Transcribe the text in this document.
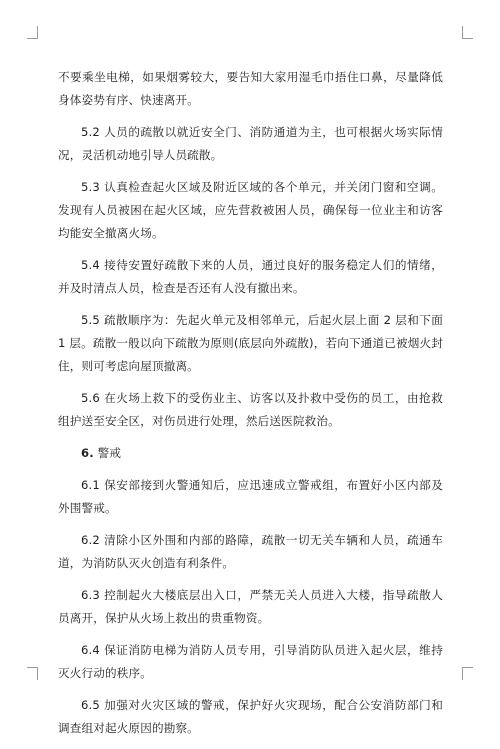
不要乘坐电梯，如果烟雾较大，要告知大家用湿毛巾捂住口鼻，尽量降低身体姿势有序、快速离开。

5.2 人员的疏散以就近安全门、消防通道为主，也可根据火场实际情况，灵活机动地引导人员疏散。

5.3 认真检查起火区域及附近区域的各个单元，并关闭门窗和空调。发现有人员被困在起火区域，应先营救被困人员，确保每一位业主和访客均能安全撤离火场。

5.4 接待安置好疏散下来的人员，通过良好的服务稳定人们的情绪，并及时清点人员，检查是否还有人没有撤出来。

5.5 疏散顺序为：先起火单元及相邻单元，后起火层上面 2 层和下面 1 层。疏散一般以向下疏散为原则(底层向外疏散)，若向下通道已被烟火封住，则可考虑向屋顶撤离。

5.6 在火场上救下的受伤业主、访客以及扑救中受伤的员工，由抢救组护送至安全区，对伤员进行处理，然后送医院救治。

6. 警戒

6.1 保安部接到火警通知后，应迅速成立警戒组，布置好小区内部及外围警戒。

6.2 清除小区外围和内部的路障，疏散一切无关车辆和人员，疏通车道，为消防队灭火创造有利条件。

6.3 控制起火大楼底层出入口，严禁无关人员进入大楼，指导疏散人员离开，保护从火场上救出的贵重物资。

6.4 保证消防电梯为消防人员专用，引导消防队员进入起火层，维持灭火行动的秩序。

6.5 加强对火灾区域的警戒，保护好火灾现场，配合公安消防部门和调查组对起火原因的勘察。
